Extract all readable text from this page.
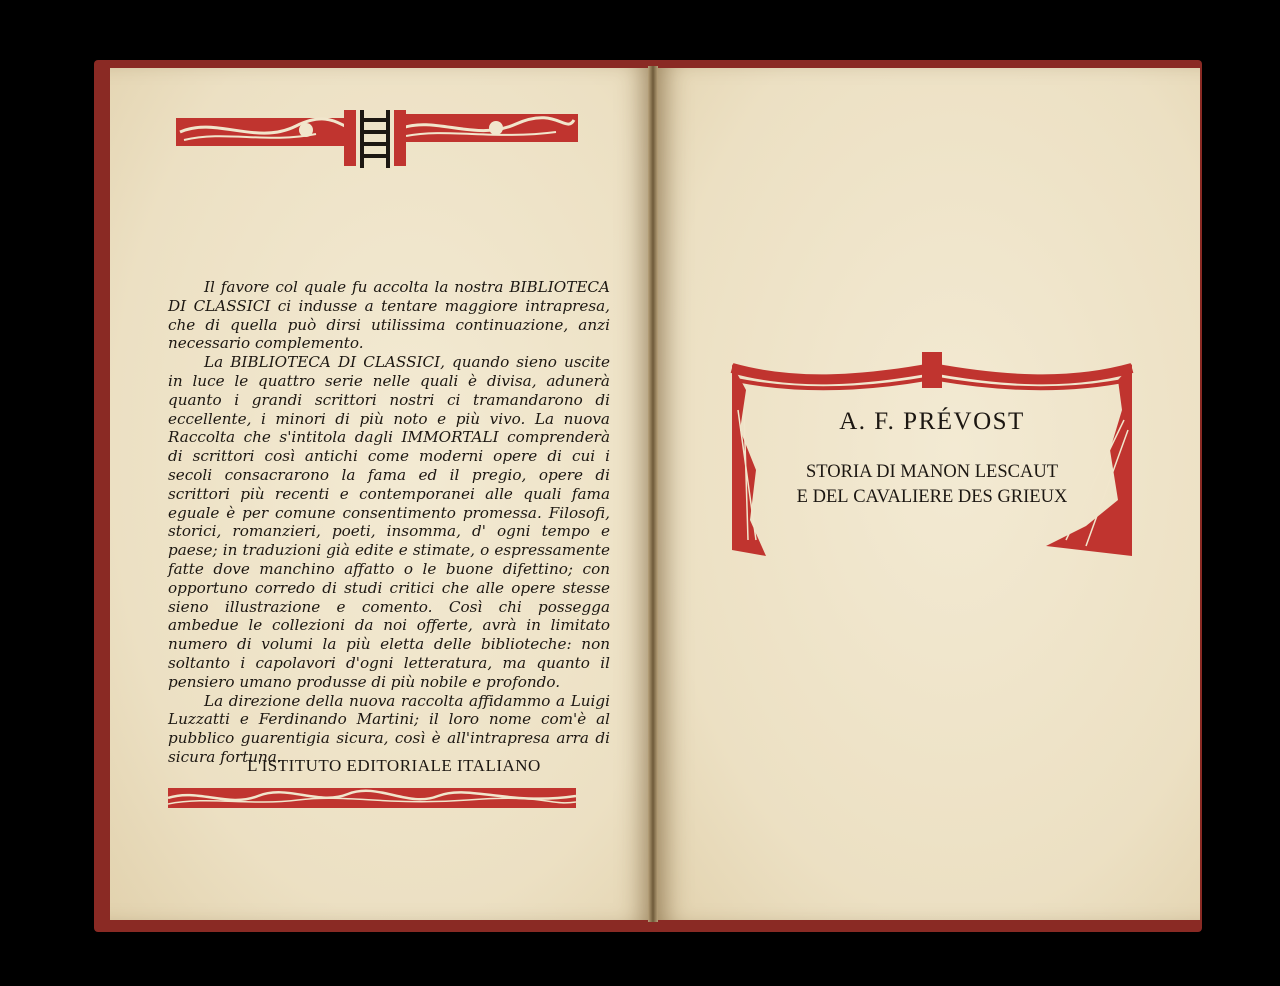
Il favore col quale fu accolta la nostra BIBLIOTECA DI CLASSICI ci indusse a tentare maggiore intrapresa, che di quella può dirsi utilissima continuazione, anzi necessario complemento.

La BIBLIOTECA DI CLASSICI, quando sieno uscite in luce le quattro serie nelle quali è divisa, adunerà quanto i grandi scrittori nostri ci tramandarono di eccellente, i minori di più noto e più vivo. La nuova Raccolta che s'intitola dagli IMMORTALI comprenderà di scrittori così antichi come moderni opere di cui i secoli consacrarono la fama ed il pregio, opere di scrittori più recenti e contemporanei alle quali fama eguale è per comune consentimento promessa. Filosofi, storici, romanzieri, poeti, insomma, d' ogni tempo e paese; in traduzioni già edite e stimate, o espressamente fatte dove manchino affatto o le buone difettino; con opportuno corredo di studi critici che alle opere stesse sieno illustrazione e comento. Così chi possegga ambedue le collezioni da noi offerte, avrà in limitato numero di volumi la più eletta delle biblioteche: non soltanto i capolavori d'ogni letteratura, ma quanto il pensiero umano produsse di più nobile e profondo.

La direzione della nuova raccolta affidammo a Luigi Luzzatti e Ferdinando Martini; il loro nome com'è al pubblico guarentigia sicura, così è all'intrapresa arra di sicura fortuna.

L'ISTITUTO EDITORIALE ITALIANO
A. F. PRÉVOST
STORIA DI MANON LESCAUT
E DEL CAVALIERE DES GRIEUX
